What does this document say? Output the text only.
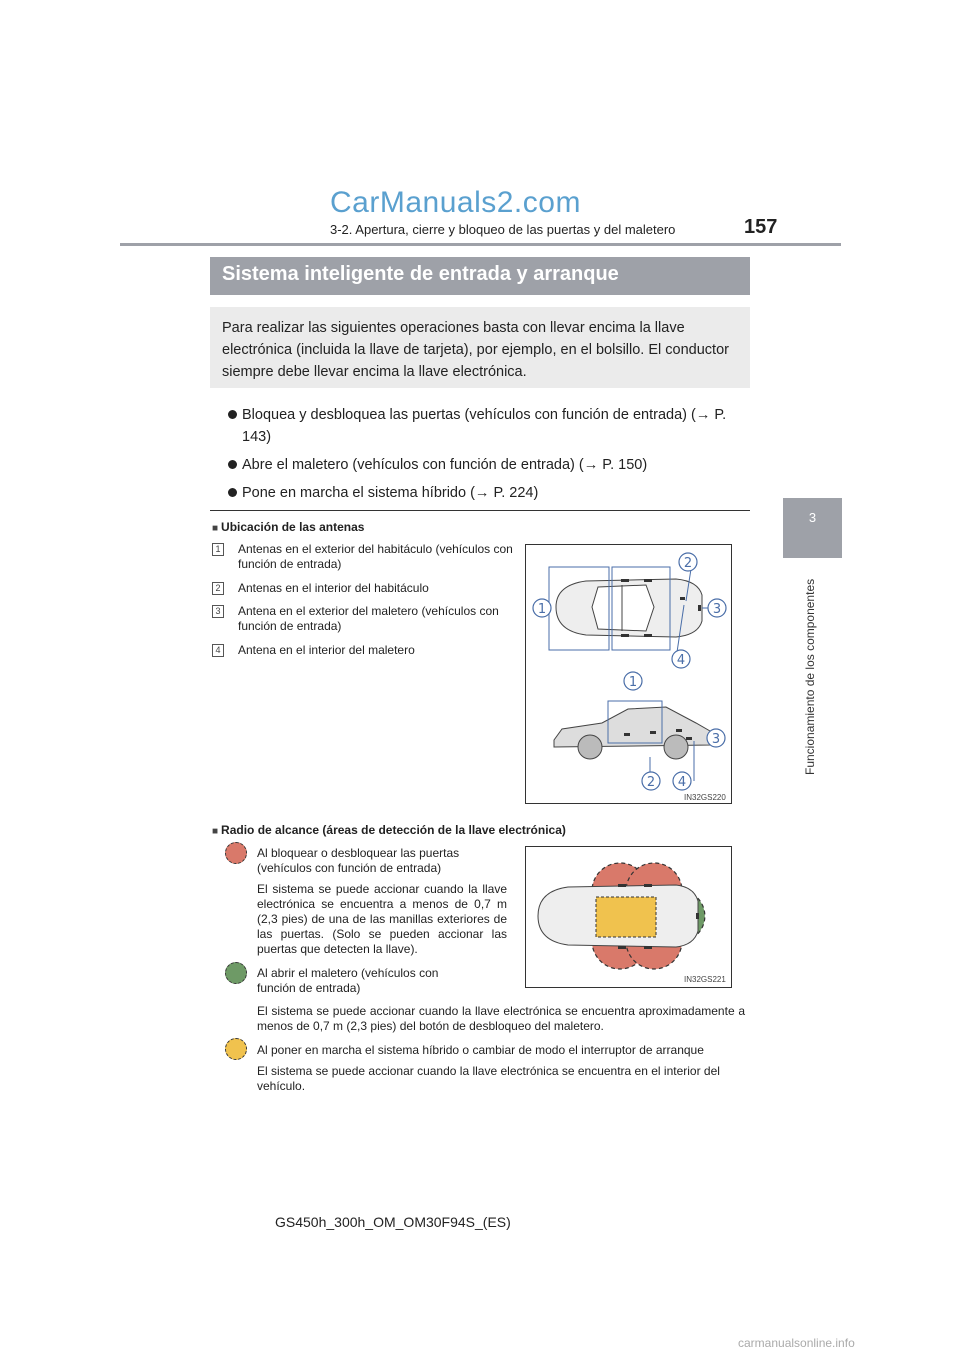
CarManuals2.com
3-2. Apertura, cierre y bloqueo de las puertas y del maletero	157
3
Funcionamiento de los componentes
Sistema inteligente de entrada y arranque
Para realizar las siguientes operaciones basta con llevar encima la llave electrónica (incluida la llave de tarjeta), por ejemplo, en el bolsillo. El conductor siempre debe llevar encima la llave electrónica.
Bloquea y desbloquea las puertas (vehículos con función de entrada) (→ P. 143)
Abre el maletero (vehículos con función de entrada) (→ P. 150)
Pone en marcha el sistema híbrido (→ P. 224)
■ Ubicación de las antenas
1	Antenas en el exterior del habitáculo (vehículos con función de entrada)
2	Antenas en el interior del habitáculo
3	Antena en el exterior del maletero (vehículos con función de entrada)
4	Antena en el interior del maletero
2
1	3
4
1
3
2 4
IN32GS220
■ Radio de alcance (áreas de detección de la llave electrónica)
Al bloquear o desbloquear las puertas (vehículos con función de entrada)
El sistema se puede accionar cuando la llave electrónica se encuentra a menos de 0,7 m (2,3 pies) de una de las manillas exteriores de las puertas. (Solo se pueden accionar las puertas que detecten la llave).
Al abrir el maletero (vehículos con función de entrada)
El sistema se puede accionar cuando la llave electrónica se encuentra aproximadamente a menos de 0,7 m (2,3 pies) del botón de desbloqueo del maletero.
Al poner en marcha el sistema híbrido o cambiar de modo el interruptor de arranque
El sistema se puede accionar cuando la llave electrónica se encuentra en el interior del vehículo.
IN32GS221
GS450h_300h_OM_OM30F94S_(ES)
carmanualsonline.info
